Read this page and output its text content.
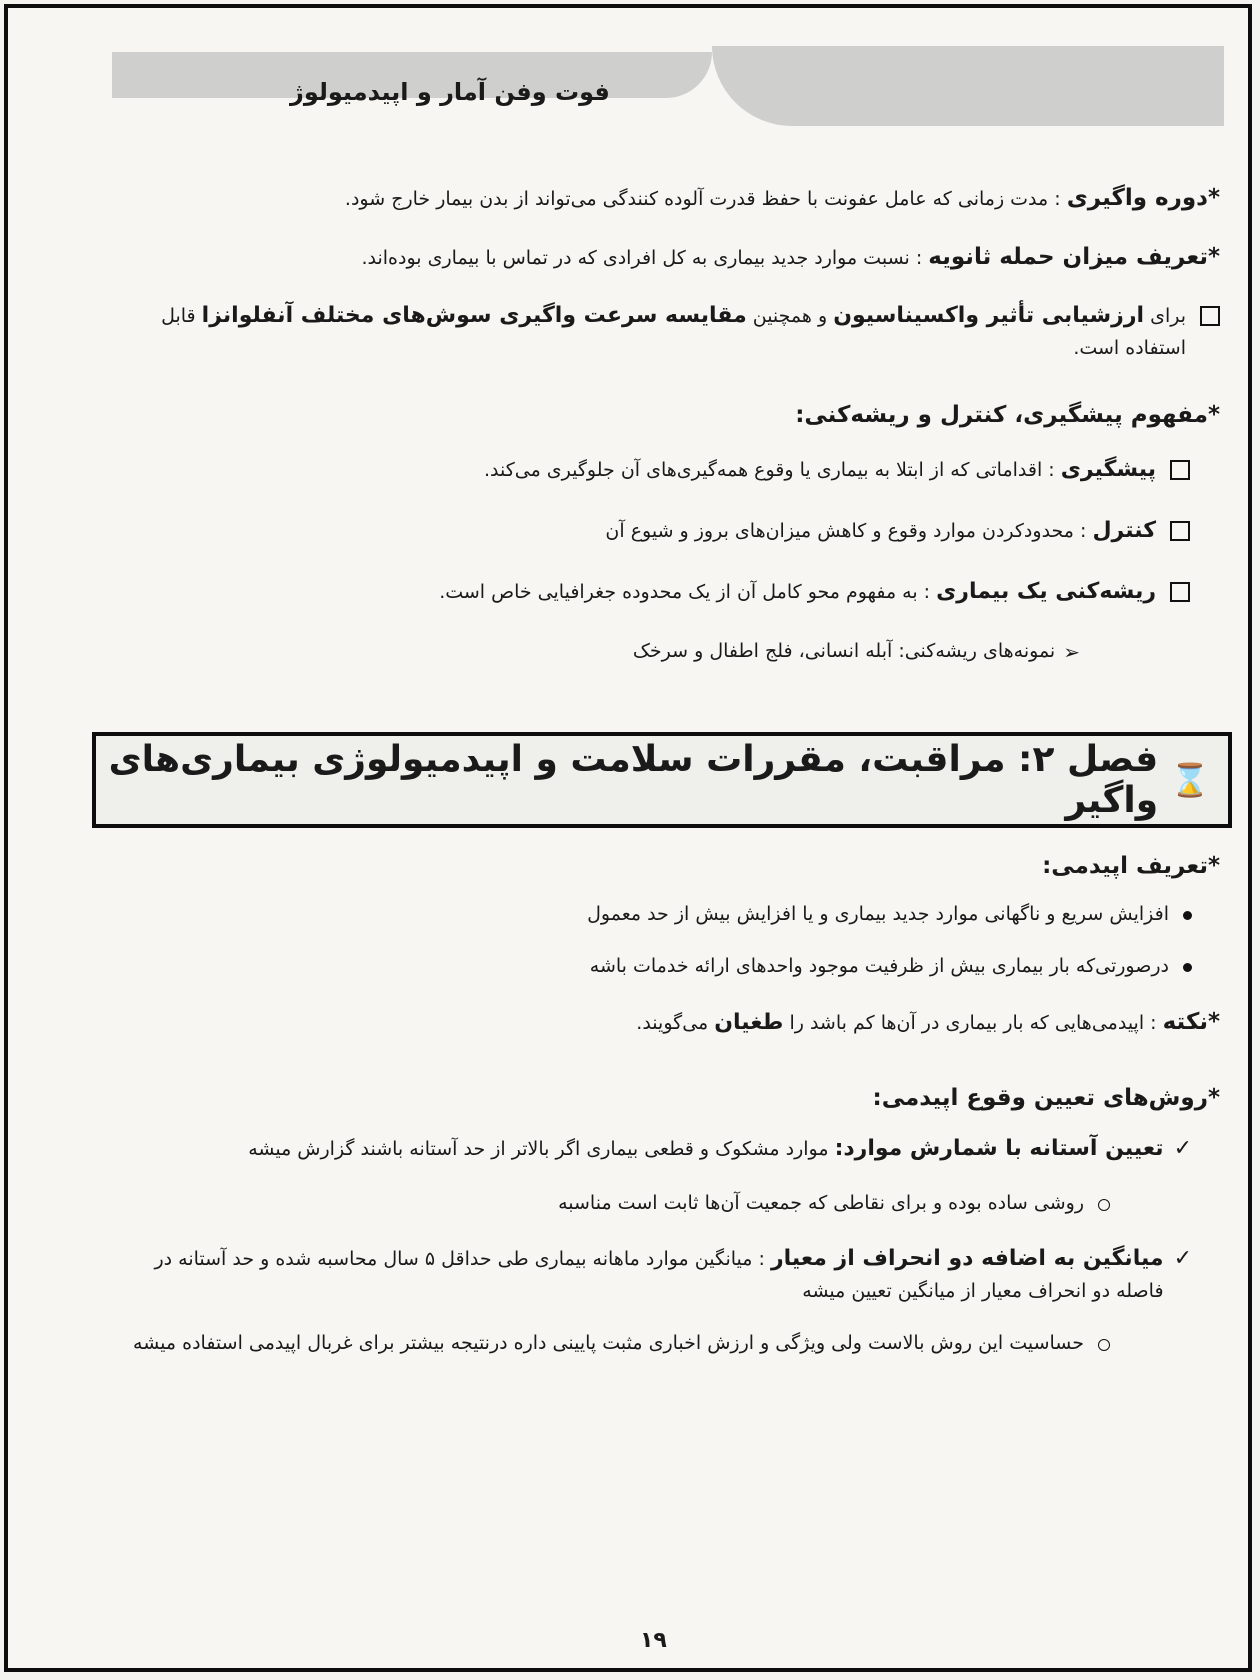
فوت وفن آمار و اپیدمیولوژ

*دوره واگیری : مدت زمانی که عامل عفونت با حفظ قدرت آلوده کنندگی می‌تواند از بدن بیمار خارج شود.

*تعریف میزان حمله ثانویه : نسبت موارد جدید بیماری به کل افرادی که در تماس با بیماری بوده‌اند.

برای ارزشیابی تأثیر واکسیناسیون و همچنین مقایسه سرعت واگیری سوش‌های مختلف آنفلوانزا قابل استفاده است.

*مفهوم پیشگیری، کنترل و ریشه‌کنی:

پیشگیری : اقداماتی که از ابتلا به بیماری یا وقوع همه‌گیری‌های آن جلوگیری می‌کند.
کنترل : محدودکردن موارد وقوع و کاهش میزان‌های بروز و شیوع آن
ریشه‌کنی یک بیماری : به مفهوم محو کامل آن از یک محدوده جغرافیایی خاص است.
➢
نمونه‌های ریشه‌کنی: آبله انسانی، فلج اطفال و سرخک
⌛
فصل ۲: مراقبت، مقررات سلامت و اپیدمیولوژی بیماری‌های واگیر

*تعریف اپیدمی:

افزایش سریع و ناگهانی موارد جدید بیماری و یا افزایش بیش از حد معمول
درصورتی‌که بار بیماری بیش از ظرفیت موجود واحدهای ارائه خدمات باشه

*نکته : اپیدمی‌هایی که بار بیماری در آن‌ها کم باشد را طغیان می‌گویند.

*روش‌های تعیین وقوع اپیدمی:

✓
تعیین آستانه با شمارش موارد: موارد مشکوک و قطعی بیماری اگر بالاتر از حد آستانه باشند گزارش میشه
روشی ساده بوده و برای نقاطی که جمعیت آن‌ها ثابت است مناسبه
✓
میانگین به اضافه دو انحراف از معیار : میانگین موارد ماهانه بیماری طی حداقل ۵ سال محاسبه شده و حد آستانه در فاصله دو انحراف معیار از میانگین تعیین میشه
حساسیت این روش بالاست ولی ویژگی و ارزش اخباری مثبت پایینی داره درنتیجه بیشتر برای غربال اپیدمی استفاده میشه
۱۹
